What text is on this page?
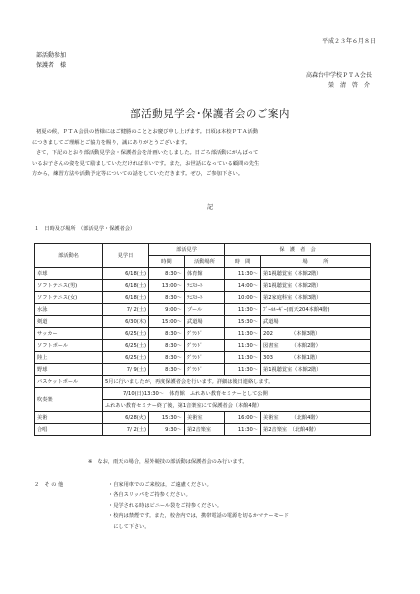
平成２３年６月８日
部活動参加
保護者　様
高森台中学校ＰＴＡ会長
榮　清　啓　介
部活動見学会･保護者会のご案内
初夏の候，ＰＴＡ会員の皆様にはご健勝のこととお慶び申し上げます。日頃は本校ＰＴＡ活動
につきましてご理解とご協力を賜り，誠にありがとうございます。
さて，下記のとおり部活動見学会・保護者会を計画いたしました。日ごろ部活動にがんばって
いるお子さんの姿を見て励ましていただければ幸いです。また，お世話になっている顧問の先生
方から，練習方法や活動予定等についての話をしていただきます。ぜひ，ご参加下さい。
記
１　日時及び場所　（部活見学・保護者会）
部活動名	見学日	部活見学		保　護　者　会	
		時間	活動場所	時　間	場　　　所
卓球	6/18(土)	8:30～	体育館	11:30～	第1視聴覚室（本館2階）
ソフトテニス(男)	6/18(土)	13:00～	ﾃﾆｽｺｰﾄ	14:00～	第1視聴覚室（本館2階）
ソフトテニス(女)	6/18(土)	8:30～	ﾃﾆｽｺｰﾄ	10:00～	第2家庭科室（本館3階）
水泳	7/ 2(土)	9:00～	プール	11:30～	ﾌﾟｰﾙﾙｰｷﾞｰ(雨天204本館4階)
剣道	6/30(木)	15:00～	武道場	15:30～	武道場
サッカー	6/25(土)	8:30～	ｸﾞﾗﾝﾄﾞ	11:30～	202　　　　（本館3階）
ソフトボール	6/25(土)	8:30～	ｸﾞﾗﾝﾄﾞ	11:30～	図書室　　　（本館2階）
陸上	6/25(土)	8:30～	ｸﾞﾗﾝﾄﾞ	11:30～	303　　　　（本館1階）
野球	7/ 9(土)	8:30～	ｸﾞﾗﾝﾄﾞ	11:30～	第1視聴覚室（本館2階）
バスケットボール	5月に行いましたが，再度保護者会を行います。詳細は後日連絡します。				
吹奏楽	7/10(日)13:30～　体育館　ふれあい教育セミナーとして公開				
	ふれあい教育セミナー終了後，第1音楽室にて保護者会（本館4階）				
美術	6/28(火)	15:30～	美術室	16:00～	美術室　　　（北館4階）
合唱	7/ 2(土)	9:30～	第2音楽室	11:30～	第2音楽室　（北館4階）
※　なお，雨天の場合，屋外競技の部活動は保護者会のみ行います。
２　そ の 他	・自家用車でのご来校は，ご遠慮ください。
・各自スリッパをご持参ください。
・見学される時はビニール袋をご持参ください。
・校内は禁煙です。また，校舎内では，携帯電話の電源を切るかマナーモード
　にして下さい。
